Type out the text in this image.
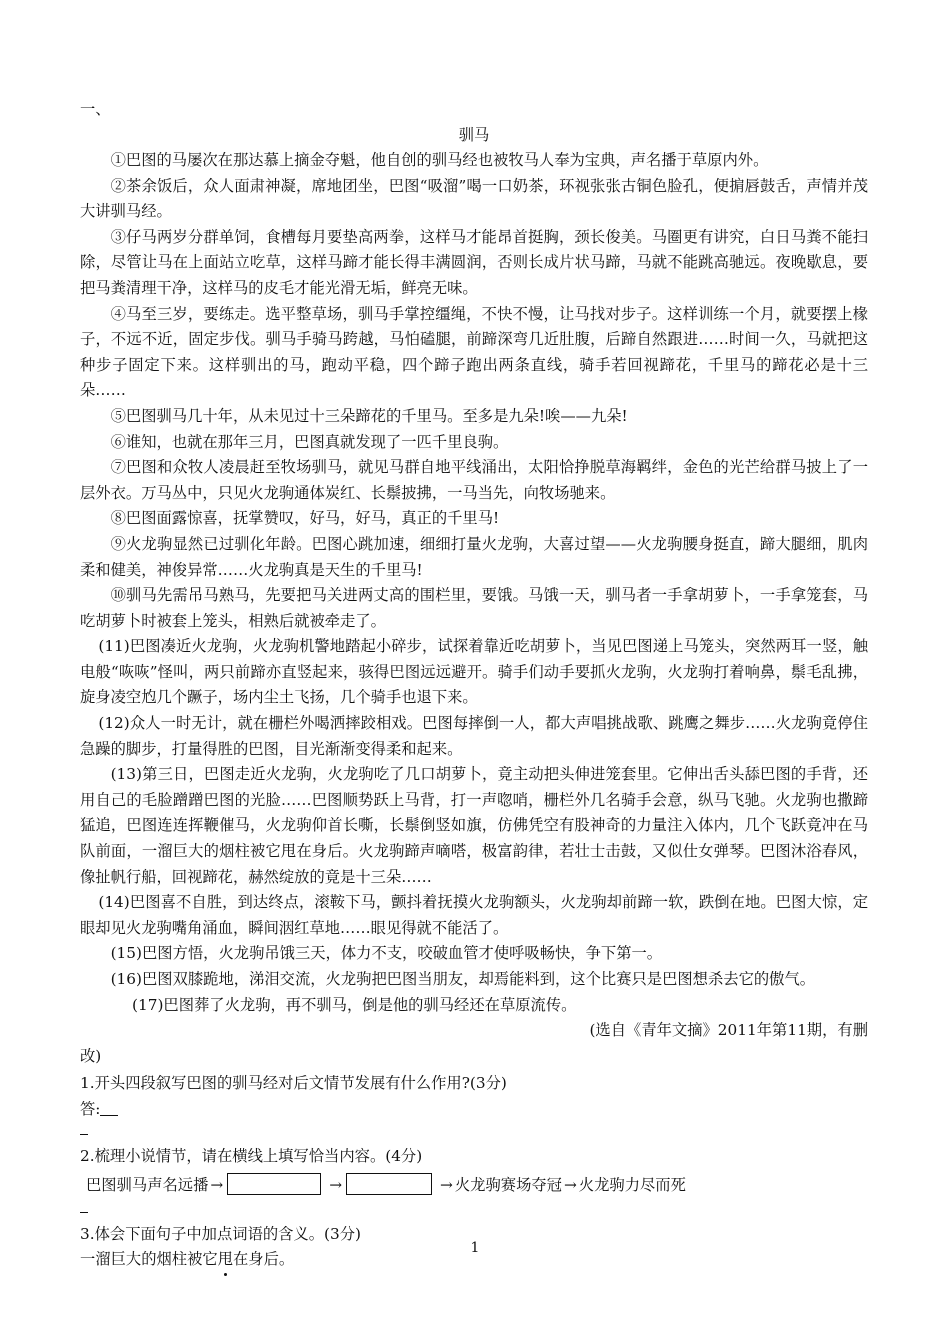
一、
驯马

①巴图的马屡次在那达慕上摘金夺魁，他自创的驯马经也被牧马人奉为宝典，声名播于草原内外。

②茶余饭后，众人面肃神凝，席地团坐，巴图“吸溜”喝一口奶茶，环视张张古铜色脸孔，便掮唇鼓舌，声情并茂大讲驯马经。

③仔马两岁分群单饲，食槽每月要垫高两拳，这样马才能昂首挺胸，颈长俊美。马圈更有讲究，白日马粪不能扫除，尽管让马在上面站立吃草，这样马蹄才能长得丰满圆润，否则长成片状马蹄，马就不能跳高驰远。夜晚歇息，要把马粪清理干净，这样马的皮毛才能光滑无垢，鲜亮无味。

④马至三岁，要练走。选平整草场，驯马手掌控缰绳，不快不慢，让马找对步子。这样训练一个月，就要摆上椽子，不远不近，固定步伐。驯马手骑马跨越，马怕磕腿，前蹄深弯几近肚腹，后蹄自然跟进……时间一久，马就把这种步子固定下来。这样驯出的马，跑动平稳，四个蹄子跑出两条直线，骑手若回视蹄花，千里马的蹄花必是十三朵……

⑤巴图驯马几十年，从未见过十三朵蹄花的千里马。至多是九朵!唉——九朵!

⑥谁知，也就在那年三月，巴图真就发现了一匹千里良驹。

⑦巴图和众牧人凌晨赶至牧场驯马，就见马群自地平线涌出，太阳恰挣脱草海羁绊，金色的光芒给群马披上了一层外衣。万马丛中，只见火龙驹通体炭红、长鬃披拂，一马当先，向牧场驰来。

⑧巴图面露惊喜，抚掌赞叹，好马，好马，真正的千里马!

⑨火龙驹显然已过驯化年龄。巴图心跳加速，细细打量火龙驹，大喜过望——火龙驹腰身挺直，蹄大腿细，肌肉柔和健美，神俊异常……火龙驹真是天生的千里马!

⑩驯马先需吊马熟马，先要把马关进两丈高的围栏里，要饿。马饿一天，驯马者一手拿胡萝卜，一手拿笼套，马吃胡萝卜时被套上笼头，相熟后就被牵走了。

(11)巴图凑近火龙驹，火龙驹机警地踏起小碎步，试探着靠近吃胡萝卜，当见巴图递上马笼头，突然两耳一竖，触电般“咴咴”怪叫，两只前蹄亦直竖起来，骇得巴图远远避开。骑手们动手要抓火龙驹，火龙驹打着响鼻，鬃毛乱拂，旋身凌空尥几个蹶子，场内尘土飞扬，几个骑手也退下来。

(12)众人一时无计，就在栅栏外喝洒摔跤相戏。巴图每摔倒一人，都大声唱挑战歌、跳鹰之舞步……火龙驹竟停住急躁的脚步，打量得胜的巴图，目光渐渐变得柔和起来。

(13)第三日，巴图走近火龙驹，火龙驹吃了几口胡萝卜，竟主动把头伸进笼套里。它伸出舌头舔巴图的手背，还用自己的毛脸蹭蹭巴图的光脸……巴图顺势跃上马背，打一声唿哨，栅栏外几名骑手会意，纵马飞驰。火龙驹也撒蹄猛追，巴图连连挥鞭催马，火龙驹仰首长嘶，长鬃倒竖如旗，仿佛凭空有股神奇的力量注入体内，几个飞跃竟冲在马队前面，一溜巨大的烟柱被它甩在身后。火龙驹蹄声嘀嗒，极富韵律，若壮士击鼓，又似仕女弹琴。巴图沐浴春风，像扯帆行船，回视蹄花，赫然绽放的竟是十三朵……

(14)巴图喜不自胜，到达终点，滚鞍下马，颤抖着抚摸火龙驹额头，火龙驹却前蹄一软，跌倒在地。巴图大惊，定眼却见火龙驹嘴角涌血，瞬间洇红草地……眼见得就不能活了。

(15)巴图方悟，火龙驹吊饿三天，体力不支，咬破血管才使呼吸畅快，争下第一。

(16)巴图双膝跪地，涕泪交流，火龙驹把巴图当朋友，却焉能料到，这个比赛只是巴图想杀去它的傲气。

(17)巴图葬了火龙驹，再不驯马，倒是他的驯马经还在草原流传。

(选自《青年文摘》2011年第11期，有删

改)

1.开头四段叙写巴图的驯马经对后文情节发展有什么作用?(3分)

答:

2.梳理小说情节，请在横线上填写恰当内容。(4分)

巴图驯马声名远播 →	→	→ 火龙驹赛场夺冠 → 火龙驹力尽而死

3.体会下面句子中加点词语的含义。(3分)

一溜巨大的烟柱被它甩
在身后。

1
